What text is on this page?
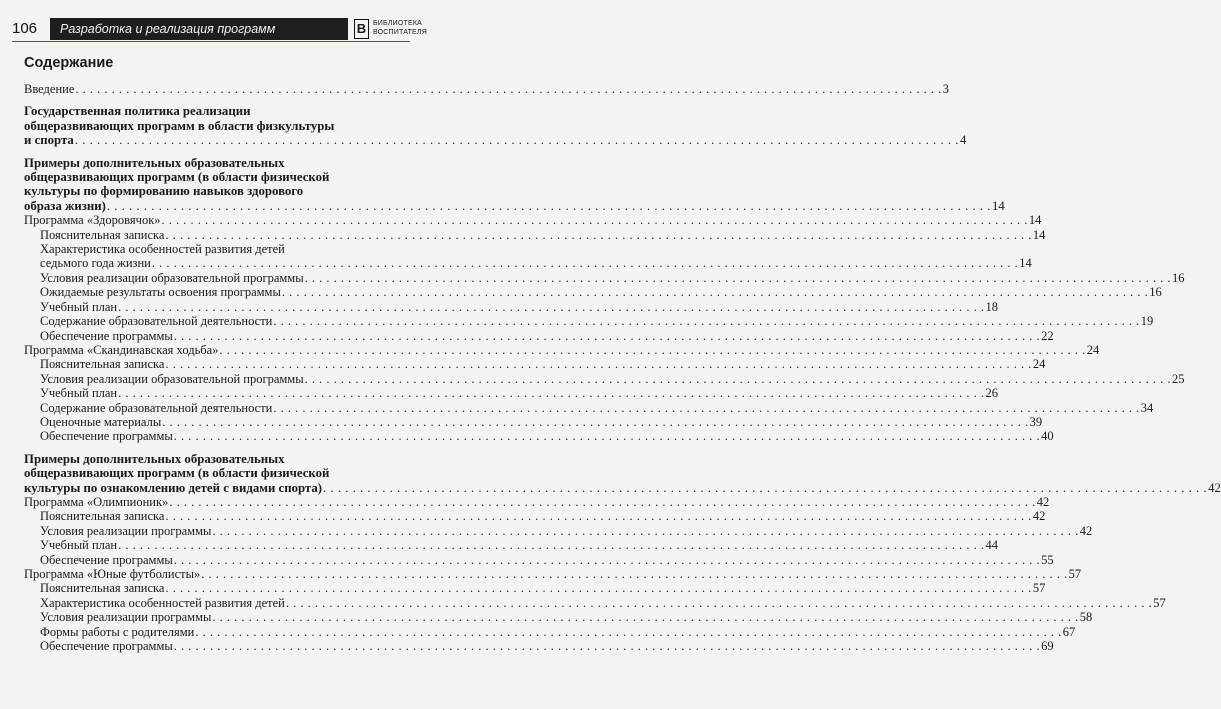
106	Разработка и реализация программ	В БИБЛИОТЕКА
ВОСПИТАТЕЛЯ
Содержание
Введение . . . . . . . . . . . . . . . . . . . . . . . . . . . . . . . . . . . . . . . . . . . . . . . . . . . . . . . . . . . . . . . . . . . . . . . . . . . . . . . . . . . . . . . . . . . . . . . . . . . . . . . . . . . . . . . . . . . . . . . . 3
Государственная политика реализации
общеразвивающих программ в области физкультуры
и спорта . . . . . . . . . . . . . . . . . . . . . . . . . . . . . . . . . . . . . . . . . . . . . . . . . . . . . . . . . . . . . . . . . . . . . . . . . . . . . . . . . . . . . . . . . . . . . . . . . . . . . . . . . . . . . . . . . . . . . . . . 4
Примеры дополнительных образовательных
общеразвивающих программ (в области физической
культуры по формированию навыков здорового
образа жизни) . . . . . . . . . . . . . . . . . . . . . . . . . . . . . . . . . . . . . . . . . . . . . . . . . . . . . . . . . . . . . . . . . . . . . . . . . . . . . . . . . . . . . . . . . . . . . . . . . . . . . . . . . . . . . . . . . . . . . . . . 14
Программа «Здоровячок» . . . . . . . . . . . . . . . . . . . . . . . . . . . . . . . . . . . . . . . . . . . . . . . . . . . . . . . . . . . . . . . . . . . . . . . . . . . . . . . . . . . . . . . . . . . . . . . . . . . . . . . . . . . . . . . . . . . . . . . . 14
Пояснительная записка . . . . . . . . . . . . . . . . . . . . . . . . . . . . . . . . . . . . . . . . . . . . . . . . . . . . . . . . . . . . . . . . . . . . . . . . . . . . . . . . . . . . . . . . . . . . . . . . . . . . . . . . . . . . . . . . . . . . . . . . 14
Характеристика особенностей развития детей
седьмого года жизни . . . . . . . . . . . . . . . . . . . . . . . . . . . . . . . . . . . . . . . . . . . . . . . . . . . . . . . . . . . . . . . . . . . . . . . . . . . . . . . . . . . . . . . . . . . . . . . . . . . . . . . . . . . . . . . . . . . . . . . . 14
Условия реализации образовательной программы . . . . . . . . . . . . . . . . . . . . . . . . . . . . . . . . . . . . . . . . . . . . . . . . . . . . . . . . . . . . . . . . . . . . . . . . . . . . . . . . . . . . . . . . . . . . . . . . . . . . . . . . . . . . . . . . . . . . . . . . 16
Ожидаемые результаты освоения программы . . . . . . . . . . . . . . . . . . . . . . . . . . . . . . . . . . . . . . . . . . . . . . . . . . . . . . . . . . . . . . . . . . . . . . . . . . . . . . . . . . . . . . . . . . . . . . . . . . . . . . . . . . . . . . . . . . . . . . . . 16
Учебный план . . . . . . . . . . . . . . . . . . . . . . . . . . . . . . . . . . . . . . . . . . . . . . . . . . . . . . . . . . . . . . . . . . . . . . . . . . . . . . . . . . . . . . . . . . . . . . . . . . . . . . . . . . . . . . . . . . . . . . . . 18
Содержание образовательной деятельности . . . . . . . . . . . . . . . . . . . . . . . . . . . . . . . . . . . . . . . . . . . . . . . . . . . . . . . . . . . . . . . . . . . . . . . . . . . . . . . . . . . . . . . . . . . . . . . . . . . . . . . . . . . . . . . . . . . . . . . . 19
Обеспечение программы . . . . . . . . . . . . . . . . . . . . . . . . . . . . . . . . . . . . . . . . . . . . . . . . . . . . . . . . . . . . . . . . . . . . . . . . . . . . . . . . . . . . . . . . . . . . . . . . . . . . . . . . . . . . . . . . . . . . . . . . 22
Программа «Скандинавская ходьба» . . . . . . . . . . . . . . . . . . . . . . . . . . . . . . . . . . . . . . . . . . . . . . . . . . . . . . . . . . . . . . . . . . . . . . . . . . . . . . . . . . . . . . . . . . . . . . . . . . . . . . . . . . . . . . . . . . . . . . . . 24
Пояснительная записка . . . . . . . . . . . . . . . . . . . . . . . . . . . . . . . . . . . . . . . . . . . . . . . . . . . . . . . . . . . . . . . . . . . . . . . . . . . . . . . . . . . . . . . . . . . . . . . . . . . . . . . . . . . . . . . . . . . . . . . . 24
Условия реализации образовательной программы . . . . . . . . . . . . . . . . . . . . . . . . . . . . . . . . . . . . . . . . . . . . . . . . . . . . . . . . . . . . . . . . . . . . . . . . . . . . . . . . . . . . . . . . . . . . . . . . . . . . . . . . . . . . . . . . . . . . . . . . 25
Учебный план . . . . . . . . . . . . . . . . . . . . . . . . . . . . . . . . . . . . . . . . . . . . . . . . . . . . . . . . . . . . . . . . . . . . . . . . . . . . . . . . . . . . . . . . . . . . . . . . . . . . . . . . . . . . . . . . . . . . . . . . 26
Содержание образовательной деятельности . . . . . . . . . . . . . . . . . . . . . . . . . . . . . . . . . . . . . . . . . . . . . . . . . . . . . . . . . . . . . . . . . . . . . . . . . . . . . . . . . . . . . . . . . . . . . . . . . . . . . . . . . . . . . . . . . . . . . . . . 34
Оценочные материалы . . . . . . . . . . . . . . . . . . . . . . . . . . . . . . . . . . . . . . . . . . . . . . . . . . . . . . . . . . . . . . . . . . . . . . . . . . . . . . . . . . . . . . . . . . . . . . . . . . . . . . . . . . . . . . . . . . . . . . . . 39
Обеспечение программы . . . . . . . . . . . . . . . . . . . . . . . . . . . . . . . . . . . . . . . . . . . . . . . . . . . . . . . . . . . . . . . . . . . . . . . . . . . . . . . . . . . . . . . . . . . . . . . . . . . . . . . . . . . . . . . . . . . . . . . . 40
Примеры дополнительных образовательных
общеразвивающих программ (в области физической
культуры по ознакомлению детей с видами спорта) . . . . . . . . . . . . . . . . . . . . . . . . . . . . . . . . . . . . . . . . . . . . . . . . . . . . . . . . . . . . . . . . . . . . . . . . . . . . . . . . . . . . . . . . . . . . . . . . . . . . . . . . . . . . . . . . . . . . . . . . 42
Программа «Олимпионик» . . . . . . . . . . . . . . . . . . . . . . . . . . . . . . . . . . . . . . . . . . . . . . . . . . . . . . . . . . . . . . . . . . . . . . . . . . . . . . . . . . . . . . . . . . . . . . . . . . . . . . . . . . . . . . . . . . . . . . . . 42
Пояснительная записка . . . . . . . . . . . . . . . . . . . . . . . . . . . . . . . . . . . . . . . . . . . . . . . . . . . . . . . . . . . . . . . . . . . . . . . . . . . . . . . . . . . . . . . . . . . . . . . . . . . . . . . . . . . . . . . . . . . . . . . . 42
Условия реализации программы . . . . . . . . . . . . . . . . . . . . . . . . . . . . . . . . . . . . . . . . . . . . . . . . . . . . . . . . . . . . . . . . . . . . . . . . . . . . . . . . . . . . . . . . . . . . . . . . . . . . . . . . . . . . . . . . . . . . . . . . 42
Учебный план . . . . . . . . . . . . . . . . . . . . . . . . . . . . . . . . . . . . . . . . . . . . . . . . . . . . . . . . . . . . . . . . . . . . . . . . . . . . . . . . . . . . . . . . . . . . . . . . . . . . . . . . . . . . . . . . . . . . . . . . 44
Обеспечение программы . . . . . . . . . . . . . . . . . . . . . . . . . . . . . . . . . . . . . . . . . . . . . . . . . . . . . . . . . . . . . . . . . . . . . . . . . . . . . . . . . . . . . . . . . . . . . . . . . . . . . . . . . . . . . . . . . . . . . . . . 55
Программа «Юные футболисты» . . . . . . . . . . . . . . . . . . . . . . . . . . . . . . . . . . . . . . . . . . . . . . . . . . . . . . . . . . . . . . . . . . . . . . . . . . . . . . . . . . . . . . . . . . . . . . . . . . . . . . . . . . . . . . . . . . . . . . . . 57
Пояснительная записка . . . . . . . . . . . . . . . . . . . . . . . . . . . . . . . . . . . . . . . . . . . . . . . . . . . . . . . . . . . . . . . . . . . . . . . . . . . . . . . . . . . . . . . . . . . . . . . . . . . . . . . . . . . . . . . . . . . . . . . . 57
Характеристика особенностей развития детей . . . . . . . . . . . . . . . . . . . . . . . . . . . . . . . . . . . . . . . . . . . . . . . . . . . . . . . . . . . . . . . . . . . . . . . . . . . . . . . . . . . . . . . . . . . . . . . . . . . . . . . . . . . . . . . . . . . . . . . . 57
Условия реализации программы . . . . . . . . . . . . . . . . . . . . . . . . . . . . . . . . . . . . . . . . . . . . . . . . . . . . . . . . . . . . . . . . . . . . . . . . . . . . . . . . . . . . . . . . . . . . . . . . . . . . . . . . . . . . . . . . . . . . . . . . 58
Формы работы с родителями . . . . . . . . . . . . . . . . . . . . . . . . . . . . . . . . . . . . . . . . . . . . . . . . . . . . . . . . . . . . . . . . . . . . . . . . . . . . . . . . . . . . . . . . . . . . . . . . . . . . . . . . . . . . . . . . . . . . . . . . 67
Обеспечение программы . . . . . . . . . . . . . . . . . . . . . . . . . . . . . . . . . . . . . . . . . . . . . . . . . . . . . . . . . . . . . . . . . . . . . . . . . . . . . . . . . . . . . . . . . . . . . . . . . . . . . . . . . . . . . . . . . . . . . . . . 69
